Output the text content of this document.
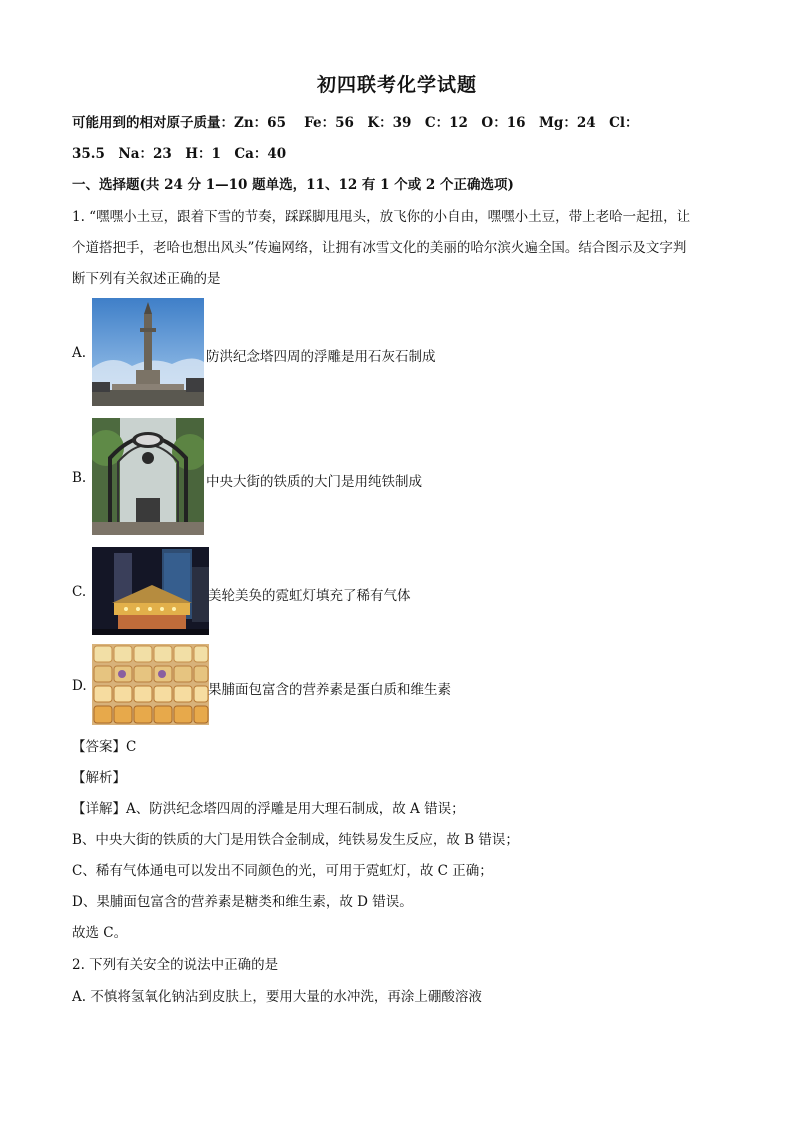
初四联考化学试题
可能用到的相对原子质量：Zn：65　 Fe：56　K：39　C：12　O：16　Mg：24　Cl：
35.5　Na：23　H：1　Ca：40
一、选择题(共 24 分 1—10 题单选，11、12 有 1 个或 2 个正确选项)
1. “嘿嘿小土豆，跟着下雪的节奏，踩踩脚甩甩头，放飞你的小自由，嘿嘿小土豆，带上老哈一起扭，让
个道搭把手，老哈也想出风头”传遍网络，让拥有冰雪文化的美丽的哈尔滨火遍全国。结合图示及文字判
断下列有关叙述正确的是
A.	防洪纪念塔四周的浮雕是用石灰石制成
B.	中央大街的铁质的大门是用纯铁制成
C.	美轮美奂的霓虹灯填充了稀有气体
D.	果脯面包富含的营养素是蛋白质和维生素
【答案】C
【解析】
【详解】A、防洪纪念塔四周的浮雕是用大理石制成，故 A 错误；
B、中央大街的铁质的大门是用铁合金制成，纯铁易发生反应，故 B 错误；
C、稀有气体通电可以发出不同颜色的光，可用于霓虹灯，故 C 正确；
D、果脯面包富含的营养素是糖类和维生素，故 D 错误。
故选 C。
2. 下列有关安全的说法中正确的是
A. 不慎将氢氧化钠沾到皮肤上，要用大量的水冲洗，再涂上硼酸溶液
